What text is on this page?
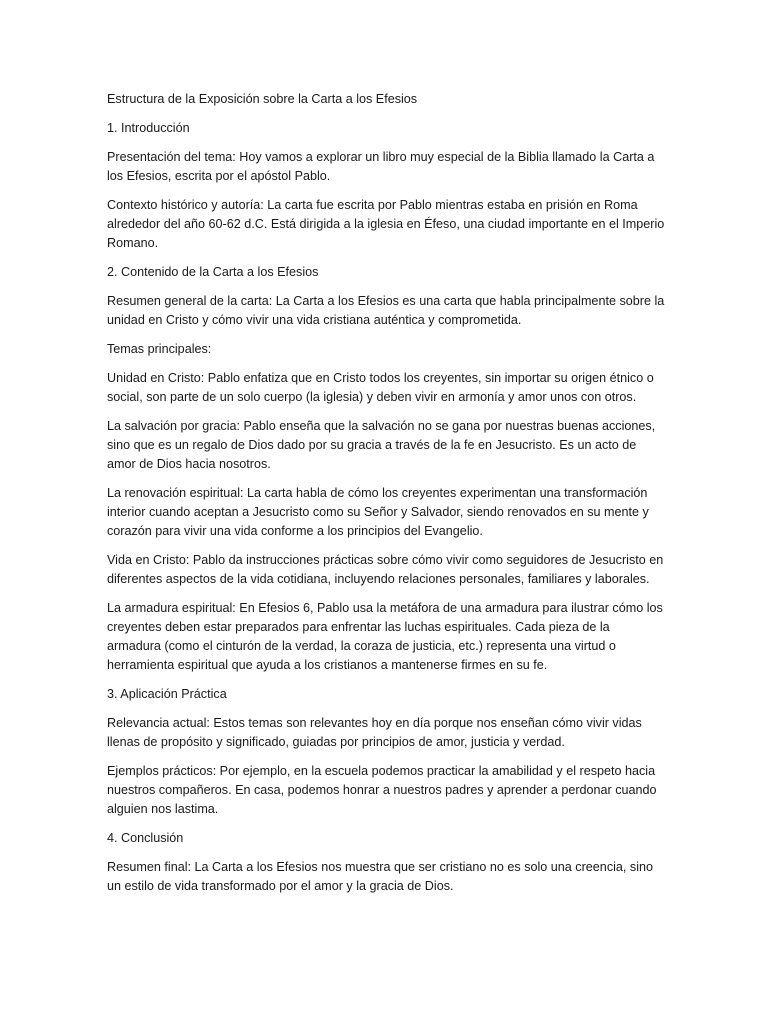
Estructura de la Exposición sobre la Carta a los Efesios

1. Introducción

Presentación del tema: Hoy vamos a explorar un libro muy especial de la Biblia llamado la Carta a los Efesios, escrita por el apóstol Pablo.

Contexto histórico y autoría: La carta fue escrita por Pablo mientras estaba en prisión en Roma alrededor del año 60-62 d.C. Está dirigida a la iglesia en Éfeso, una ciudad importante en el Imperio Romano.

2. Contenido de la Carta a los Efesios

Resumen general de la carta: La Carta a los Efesios es una carta que habla principalmente sobre la unidad en Cristo y cómo vivir una vida cristiana auténtica y comprometida.

Temas principales:

Unidad en Cristo: Pablo enfatiza que en Cristo todos los creyentes, sin importar su origen étnico o social, son parte de un solo cuerpo (la iglesia) y deben vivir en armonía y amor unos con otros.

La salvación por gracia: Pablo enseña que la salvación no se gana por nuestras buenas acciones, sino que es un regalo de Dios dado por su gracia a través de la fe en Jesucristo. Es un acto de amor de Dios hacia nosotros.

La renovación espiritual: La carta habla de cómo los creyentes experimentan una transformación interior cuando aceptan a Jesucristo como su Señor y Salvador, siendo renovados en su mente y corazón para vivir una vida conforme a los principios del Evangelio.

Vida en Cristo: Pablo da instrucciones prácticas sobre cómo vivir como seguidores de Jesucristo en diferentes aspectos de la vida cotidiana, incluyendo relaciones personales, familiares y laborales.

La armadura espiritual: En Efesios 6, Pablo usa la metáfora de una armadura para ilustrar cómo los creyentes deben estar preparados para enfrentar las luchas espirituales. Cada pieza de la armadura (como el cinturón de la verdad, la coraza de justicia, etc.) representa una virtud o herramienta espiritual que ayuda a los cristianos a mantenerse firmes en su fe.

3. Aplicación Práctica

Relevancia actual: Estos temas son relevantes hoy en día porque nos enseñan cómo vivir vidas llenas de propósito y significado, guiadas por principios de amor, justicia y verdad.

Ejemplos prácticos: Por ejemplo, en la escuela podemos practicar la amabilidad y el respeto hacia nuestros compañeros. En casa, podemos honrar a nuestros padres y aprender a perdonar cuando alguien nos lastima.

4. Conclusión

Resumen final: La Carta a los Efesios nos muestra que ser cristiano no es solo una creencia, sino un estilo de vida transformado por el amor y la gracia de Dios.
